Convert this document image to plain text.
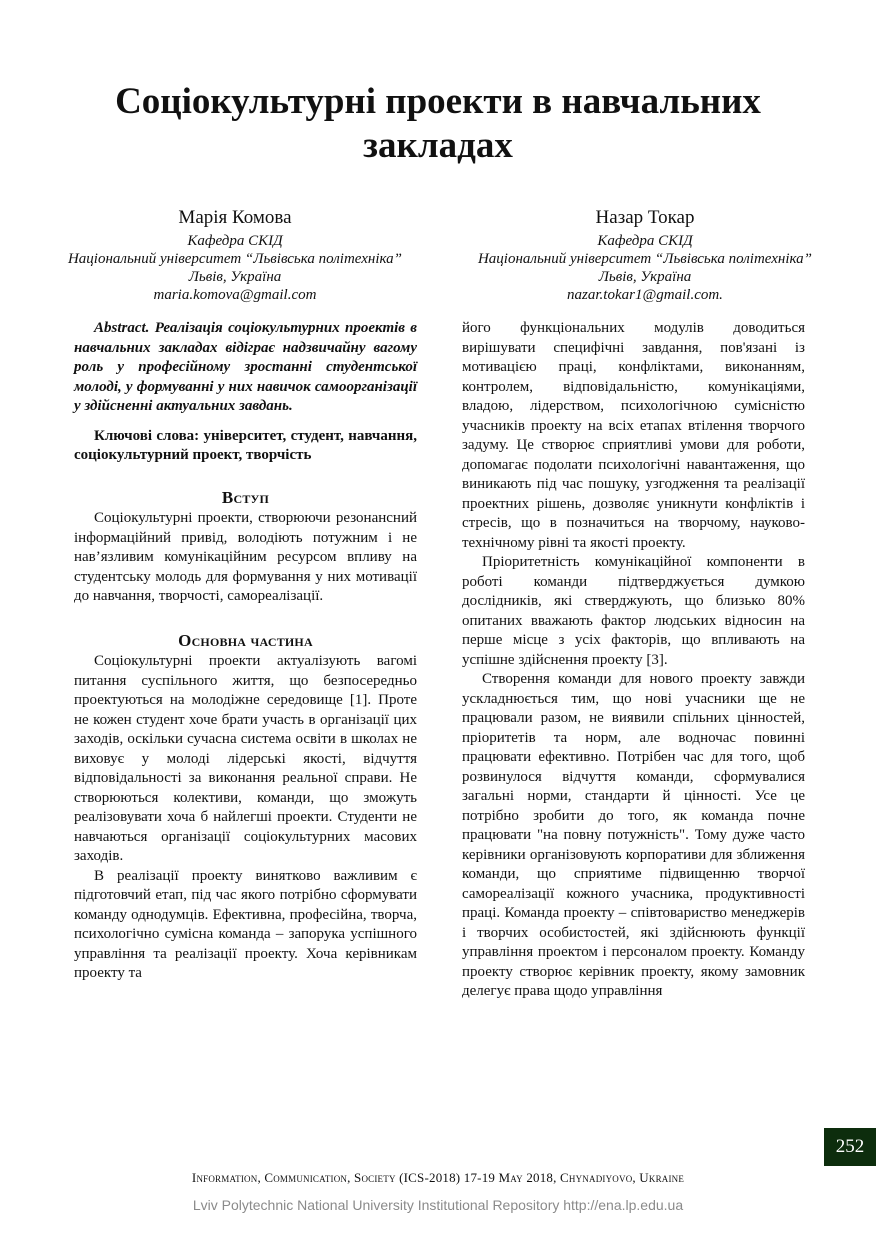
Соціокультурні проекти в навчальних закладах
Марія Комова
Кафедра СКІД
Національний університет “Львівська політехніка”
Львів, Україна
maria.komova@gmail.com
Назар Токар
Кафедра СКІД
Національний університет “Львівська політехніка”
Львів, Україна
nazar.tokar1@gmail.com.

Abstract. Реалізація соціокультурних проектів в навчальних закладах відіграє надзвичайну вагому роль у професійному зростанні студентської молоді, у формуванні у них навичок самоорганізації у здійсненні актуальних завдань.

Ключові слова: університет, студент, навчання, соціокультурний проект, творчість

Вступ

Соціокультурні проекти, створюючи резонансний інформаційний привід, володіють потужним і не нав’язливим комунікаційним ресурсом впливу на студентську молодь для формування у них мотивації до навчання, творчості, самореалізації.

Основна частина

Соціокультурні проекти актуалізують вагомі питання суспільного життя, що безпосередньо проектуються на молодіжне середовище [1]. Проте не кожен студент хоче брати участь в організації цих заходів, оскільки сучасна система освіти в школах не виховує у молоді лідерські якості, відчуття відповідальності за виконання реальної справи. Не створюються колективи, команди, що зможуть реалізовувати хоча б найлегші проекти. Студенти не навчаються організації соціокультурних масових заходів.

В реалізації проекту винятково важливим є підготовчий етап, під час якого потрібно сформувати команду однодумців. Ефективна, професійна, творча, психологічно сумісна команда – запорука успішного управління та реалізації проекту. Хоча керівникам проекту та

його функціональних модулів доводиться вирішувати специфічні завдання, пов'язані із мотивацією праці, конфліктами, виконанням, контролем, відповідальністю, комунікаціями, владою, лідерством, психологічною сумісністю учасників проекту на всіх етапах втілення творчого задуму. Це створює сприятливі умови для роботи, допомагає подолати психологічні навантаження, що виникають під час пошуку, узгодження та реалізації проектних рішень, дозволяє уникнути конфліктів і стресів, що в позначиться на творчому, науково-технічному рівні та якості проекту.

Пріоритетність комунікаційної компоненти в роботі команди підтверджується думкою дослідників, які стверджують, що близько 80% опитаних вважають фактор людських відносин на перше місце з усіх факторів, що впливають на успішне здійснення проекту [3].

Створення команди для нового проекту завжди ускладнюється тим, що нові учасники ще не працювали разом, не виявили спільних цінностей, пріоритетів та норм, але водночас повинні працювати ефективно. Потрібен час для того, щоб розвинулося відчуття команди, сформувалися загальні норми, стандарти й цінності. Усе це потрібно зробити до того, як команда почне працювати "на повну потужність". Тому дуже часто керівники організовують корпоративи для зближення команди, що сприятиме підвищенню творчої самореалізації кожного учасника, продуктивності праці. Команда проекту – співтовариство менеджерів і творчих особистостей, які здійснюють функції управління проектом і персоналом проекту. Команду проекту створює керівник проекту, якому замовник делегує права щодо управління

252
Information, Communication, Society (ICS-2018) 17-19 May 2018, Chynadiyovo, Ukraine
Lviv Polytechnic National University Institutional Repository http://ena.lp.edu.ua
